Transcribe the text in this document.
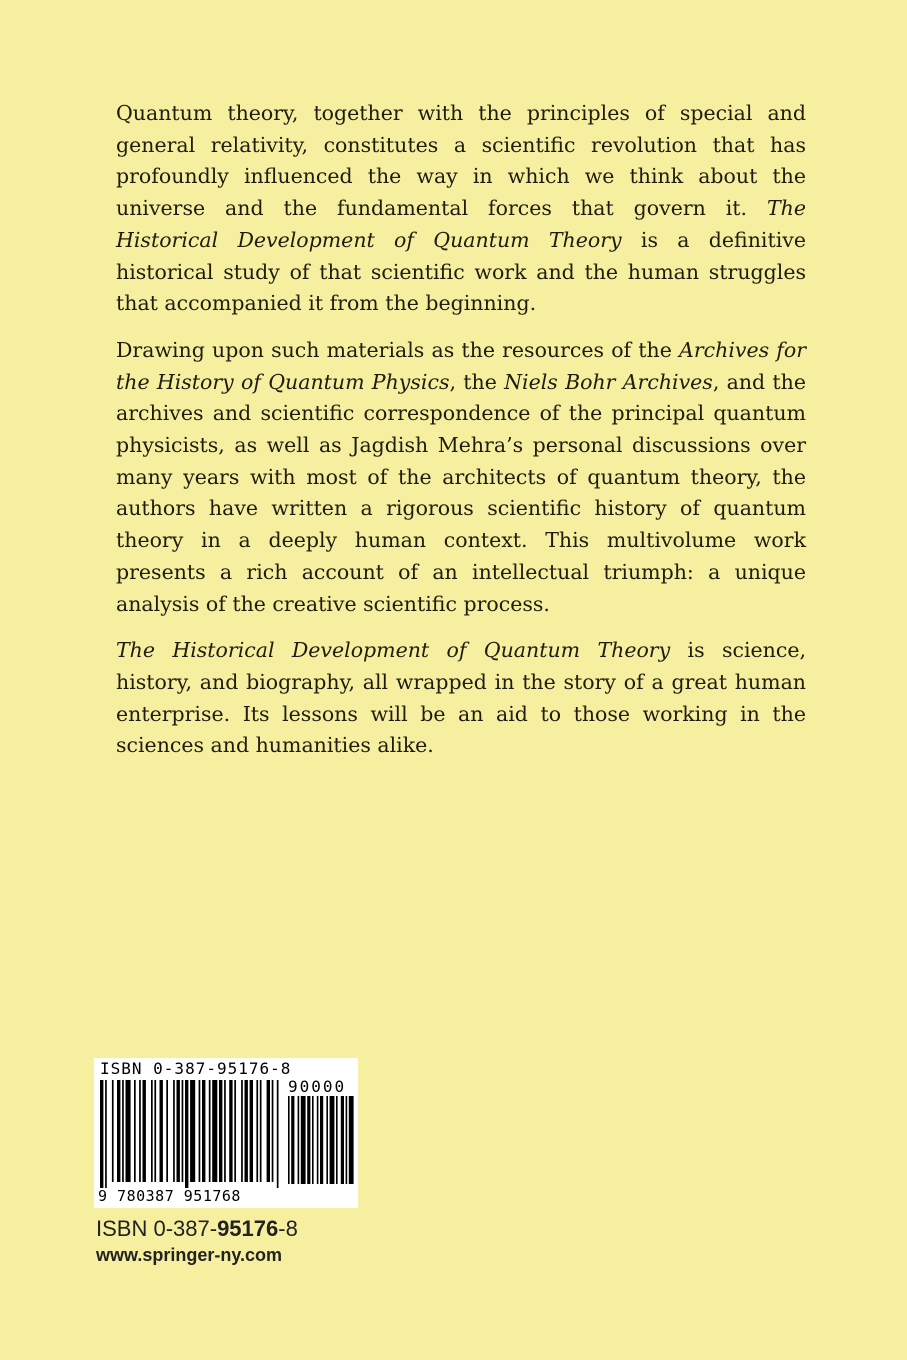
Quantum theory, together with the principles of special and general relativity, constitutes a scientific revolution that has profoundly influenced the way in which we think about the universe and the fundamental forces that govern it. The Historical Development of Quantum Theory is a definitive historical study of that scientific work and the human struggles that accompanied it from the beginning.

Drawing upon such materials as the resources of the Archives for the History of Quantum Physics, the Niels Bohr Archives, and the archives and scientific correspondence of the principal quantum physicists, as well as Jagdish Mehra’s personal discussions over many years with most of the architects of quantum theory, the authors have written a rigorous scientific history of quantum theory in a deeply human context. This multivolume work presents a rich account of an intellectual triumph: a unique analysis of the creative scientific process.

The Historical Development of Quantum Theory is science, history, and biography, all wrapped in the story of a great human enterprise. Its lessons will be an aid to those working in the sciences and humanities alike.

ISBN 0-387-95176-8
90000
9 780387 951768
ISBN 0-387-95176-8
www.springer-ny.com
